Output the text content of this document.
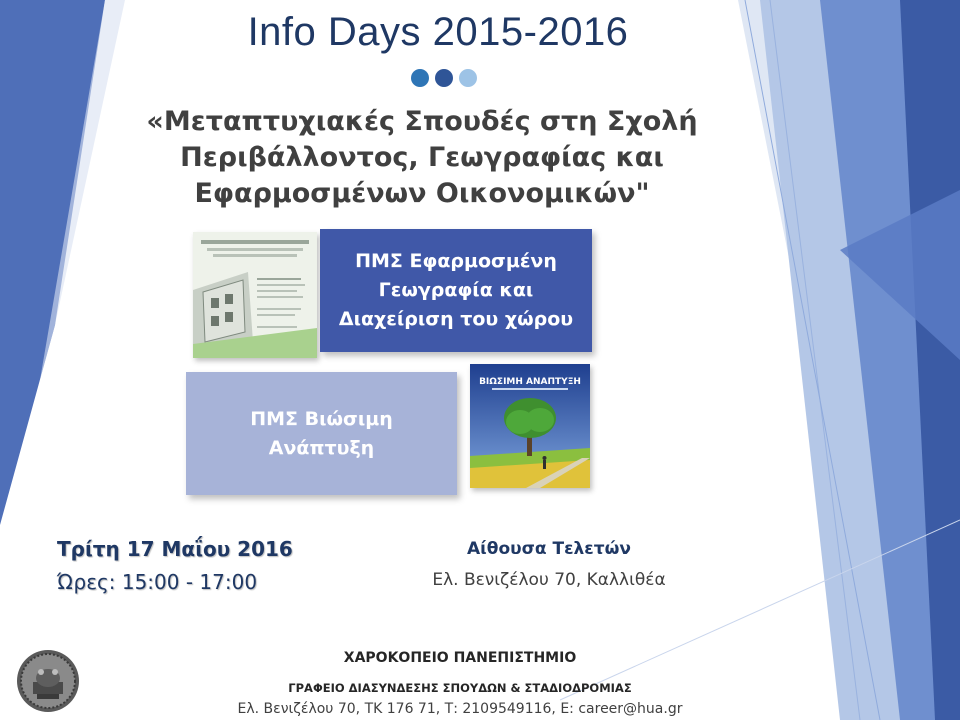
Info Days 2015-2016
«Μεταπτυχιακές Σπουδές στη Σχολή
Περιβάλλοντος, Γεωγραφίας και
Εφαρμοσμένων Οικονομικών"
ΠΜΣ Εφαρμοσμένη
Γεωγραφία και
Διαχείριση του χώρου
ΠΜΣ Βιώσιμη
Ανάπτυξη
ΒΙΩΣΙΜΗ ΑΝΑΠΤΥΞΗ
Τρίτη 17 Μαΐου 2016
Ώρες: 15:00 - 17:00
Αίθουσα Τελετών
Ελ. Βενιζέλου 70, Καλλιθέα
ΧΑΡΟΚΟΠΕΙΟ ΠΑΝΕΠΙΣΤΗΜΙΟ
ΓΡΑΦΕΙΟ ΔΙΑΣΥΝΔΕΣΗΣ ΣΠΟΥΔΩΝ & ΣΤΑΔΙΟΔΡΟΜΙΑΣ
Ελ. Βενιζέλου 70, ΤΚ 176 71, Τ: 2109549116, Ε: career@hua.gr
